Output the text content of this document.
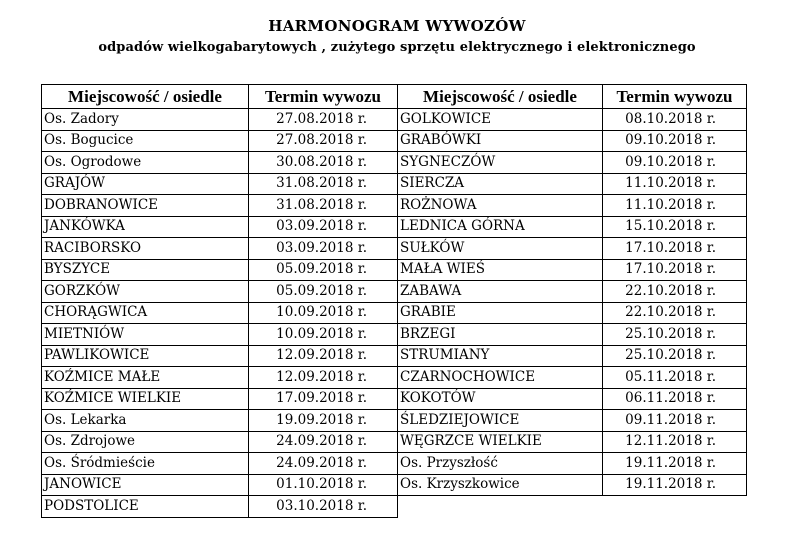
HARMONOGRAM WYWOZÓW

odpadów wielkogabarytowych , zużytego sprzętu elektrycznego i elektronicznego

Miejscowość / osiedle	Termin wywozu
Os. Zadory	27.08.2018 r.
Os. Bogucice	27.08.2018 r.
Os. Ogrodowe	30.08.2018 r.
GRAJÓW	31.08.2018 r.
DOBRANOWICE	31.08.2018 r.
JANKÓWKA	03.09.2018 r.
RACIBORSKO	03.09.2018 r.
BYSZYCE	05.09.2018 r.
GORZKÓW	05.09.2018 r.
CHORĄGWICA	10.09.2018 r.
MIETNIÓW	10.09.2018 r.
PAWLIKOWICE	12.09.2018 r.
KOŹMICE MAŁE	12.09.2018 r.
KOŹMICE WIELKIE	17.09.2018 r.
Os. Lekarka	19.09.2018 r.
Os. Zdrojowe	24.09.2018 r.
Os. Śródmieście	24.09.2018 r.
JANOWICE	01.10.2018 r.
PODSTOLICE	03.10.2018 r.
Miejscowość / osiedle	Termin wywozu
GOLKOWICE	08.10.2018 r.
GRABÓWKI	09.10.2018 r.
SYGNECZÓW	09.10.2018 r.
SIERCZA	11.10.2018 r.
ROŻNOWA	11.10.2018 r.
LEDNICA GÓRNA	15.10.2018 r.
SUŁKÓW	17.10.2018 r.
MAŁA WIEŚ	17.10.2018 r.
ZABAWA	22.10.2018 r.
GRABIE	22.10.2018 r.
BRZEGI	25.10.2018 r.
STRUMIANY	25.10.2018 r.
CZARNOCHOWICE	05.11.2018 r.
KOKOTÓW	06.11.2018 r.
ŚLEDZIEJOWICE	09.11.2018 r.
WĘGRZCE WIELKIE	12.11.2018 r.
Os. Przyszłość	19.11.2018 r.
Os. Krzyszkowice	19.11.2018 r.
